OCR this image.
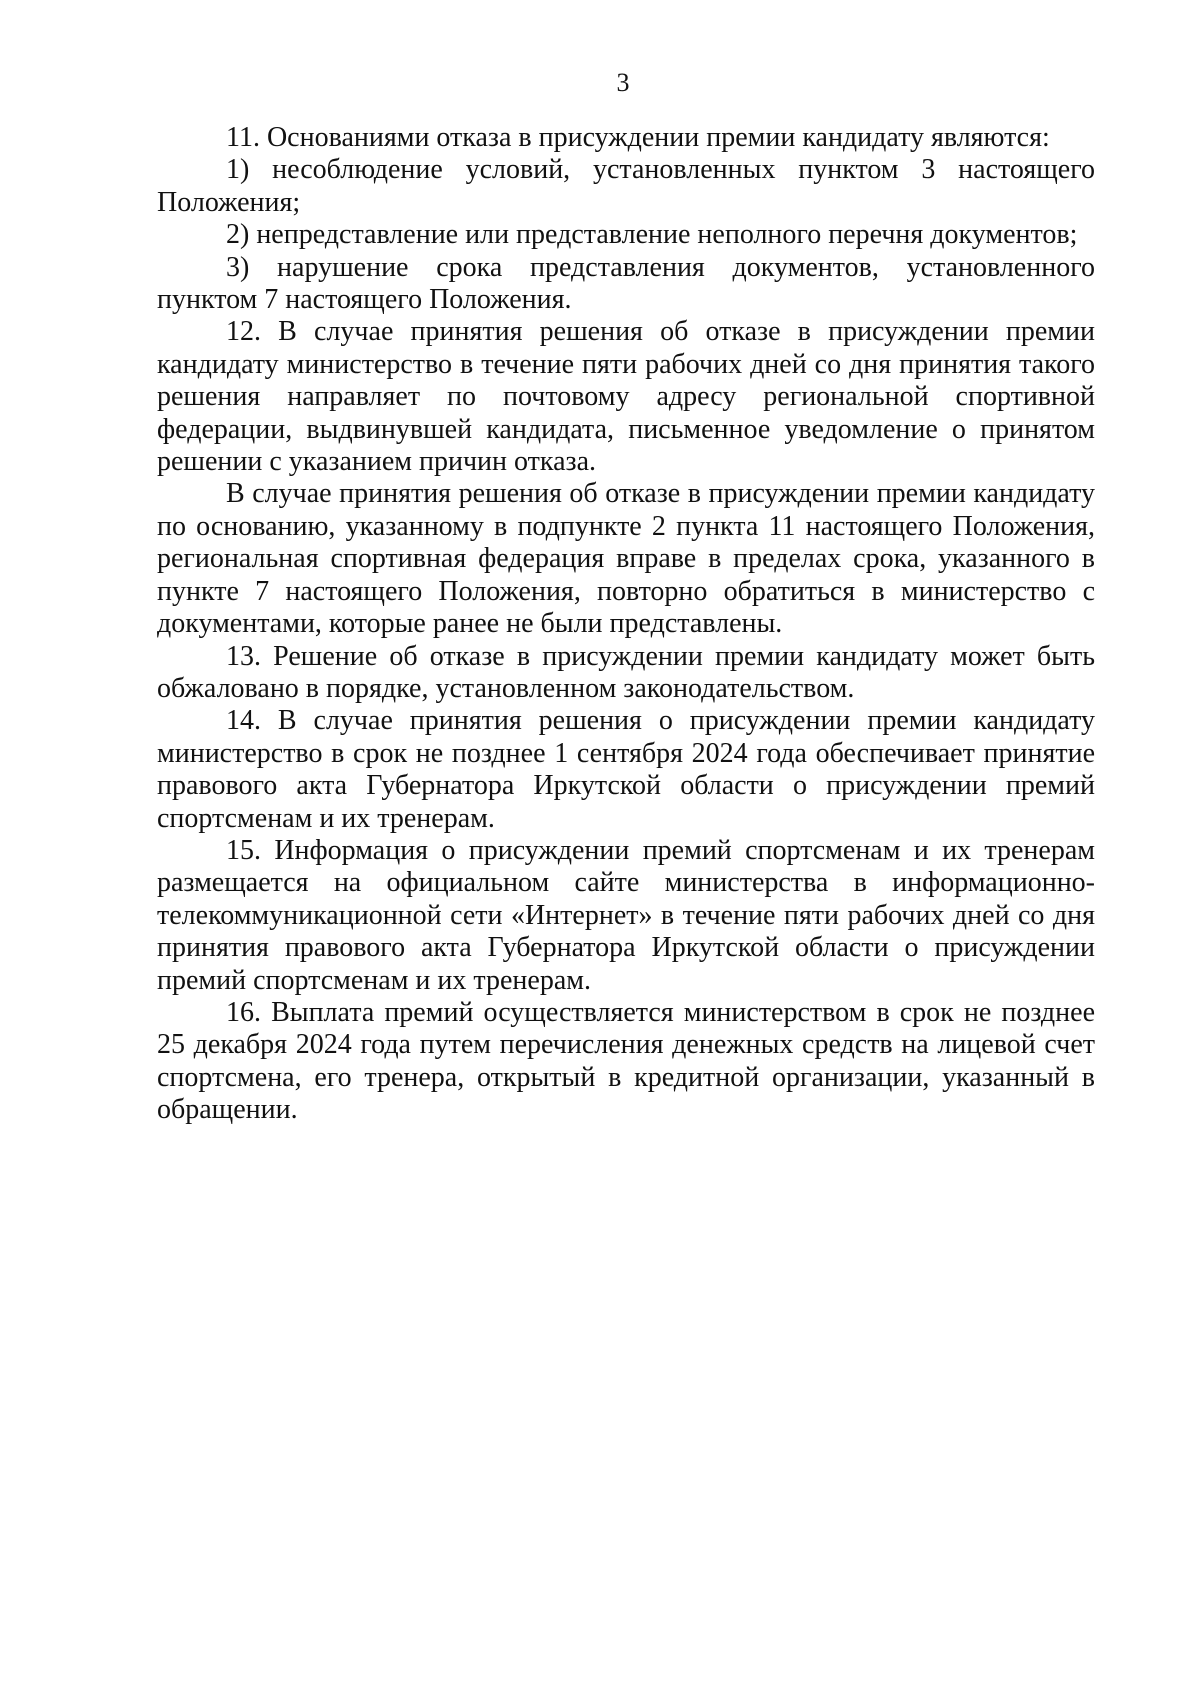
3

11. Основаниями отказа в присуждении премии кандидату являются:

1) несоблюдение условий, установленных пунктом 3 настоящего Положения;

2) непредставление или представление неполного перечня документов;

3) нарушение срока представления документов, установленного пунктом 7 настоящего Положения.

12. В случае принятия решения об отказе в присуждении премии кандидату министерство в течение пяти рабочих дней со дня принятия такого решения направляет по почтовому адресу региональной спортивной федерации, выдвинувшей кандидата, письменное уведомление о принятом решении с указанием причин отказа.

В случае принятия решения об отказе в присуждении премии кандидату по основанию, указанному в подпункте 2 пункта 11 настоящего Положения, региональная спортивная федерация вправе в пределах срока, указанного в пункте 7 настоящего Положения, повторно обратиться в министерство с документами, которые ранее не были представлены.

13. Решение об отказе в присуждении премии кандидату может быть обжаловано в порядке, установленном законодательством.

14. В случае принятия решения о присуждении премии кандидату министерство в срок не позднее 1 сентября 2024 года обеспечивает принятие правового акта Губернатора Иркутской области о присуждении премий спортсменам и их тренерам.

15. Информация о присуждении премий спортсменам и их тренерам размещается на официальном сайте министерства в информационно-телекоммуникационной сети «Интернет» в течение пяти рабочих дней со дня принятия правового акта Губернатора Иркутской области о присуждении премий спортсменам и их тренерам.

16. Выплата премий осуществляется министерством в срок не позднее 25 декабря 2024 года путем перечисления денежных средств на лицевой счет спортсмена, его тренера, открытый в кредитной организации, указанный в обращении.
